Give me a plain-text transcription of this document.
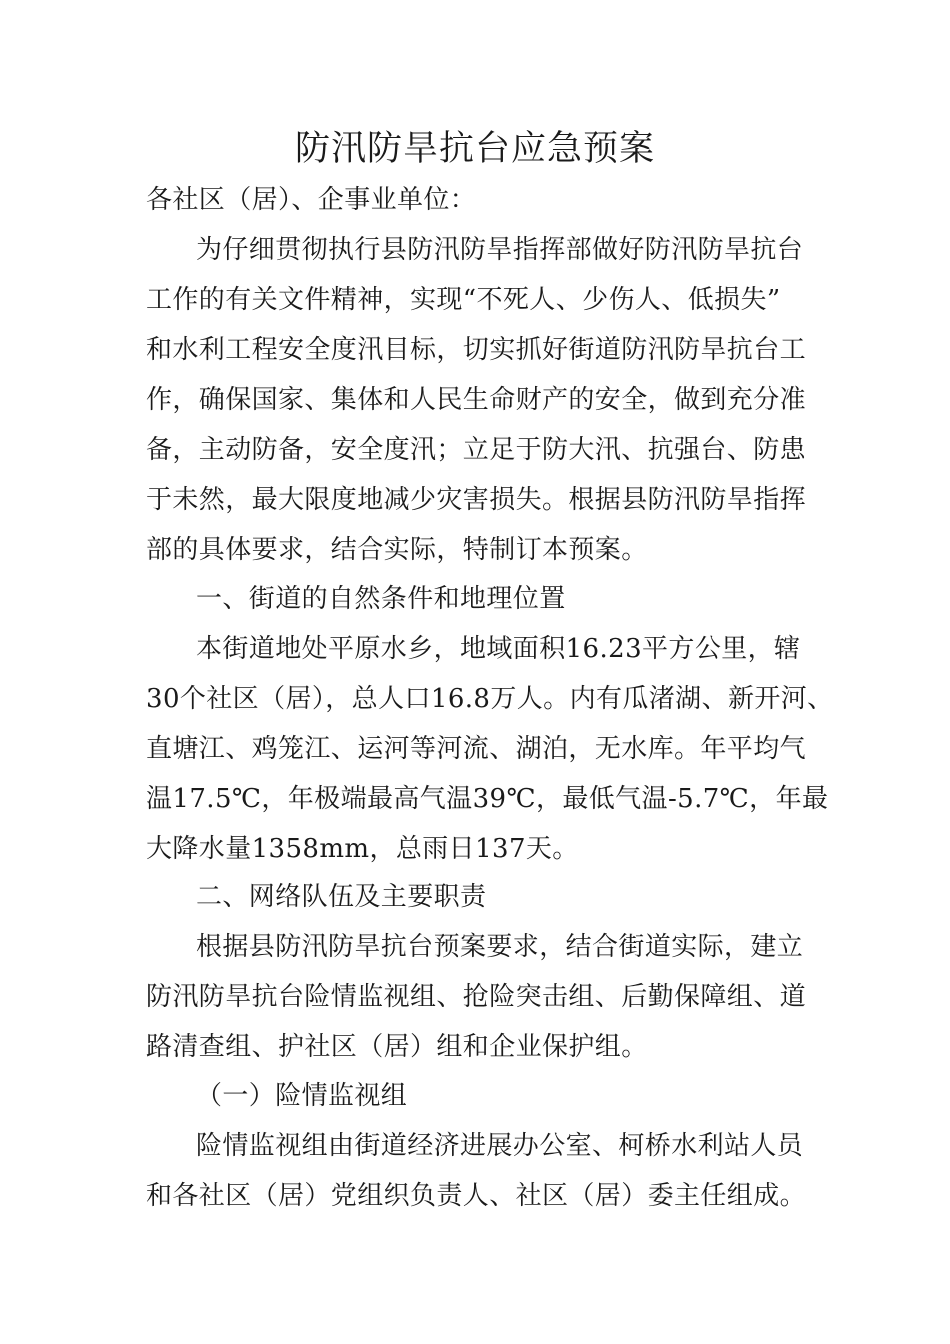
防汛防旱抗台应急预案

各社区（居）、企事业单位：

为仔细贯彻执行县防汛防旱指挥部做好防汛防旱抗台

工作的有关文件精神，实现“不死人、少伤人、低损失”

和水利工程安全度汛目标，切实抓好街道防汛防旱抗台工

作，确保国家、集体和人民生命财产的安全，做到充分准

备，主动防备，安全度汛；立足于防大汛、抗强台、防患

于未然，最大限度地减少灾害损失。根据县防汛防旱指挥

部的具体要求，结合实际，特制订本预案。

一、街道的自然条件和地理位置

本街道地处平原水乡，地域面积16.23平方公里，辖

30个社区（居），总人口16.8万人。内有瓜渚湖、新开河、

直塘江、鸡笼江、运河等河流、湖泊，无水库。年平均气

温17.5℃，年极端最高气温39℃，最低气温-5.7℃，年最

大降水量1358mm，总雨日137天。

二、网络队伍及主要职责

根据县防汛防旱抗台预案要求，结合街道实际，建立

防汛防旱抗台险情监视组、抢险突击组、后勤保障组、道

路清查组、护社区（居）组和企业保护组。

（一）险情监视组

险情监视组由街道经济进展办公室、柯桥水利站人员

和各社区（居）党组织负责人、社区（居）委主任组成。
